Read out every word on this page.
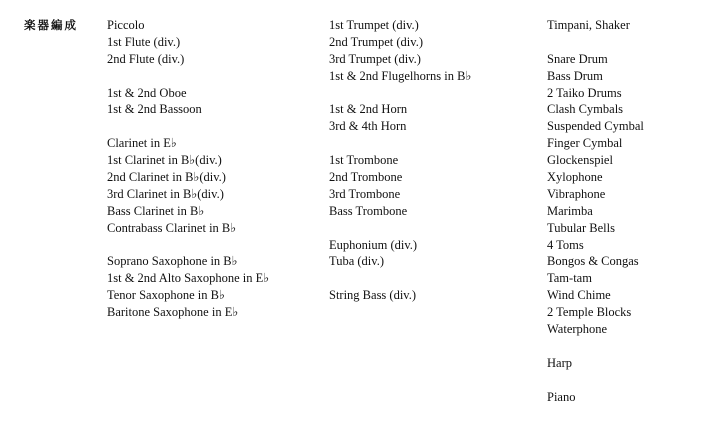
楽器編成 Piccolo
1st Flute (div.)
2nd Flute (div.)
1st & 2nd Oboe
1st & 2nd Bassoon
Clarinet in E♭
1st Clarinet in B♭(div.)
2nd Clarinet in B♭(div.)
3rd Clarinet in B♭(div.)
Bass Clarinet in B♭
Contrabass Clarinet in B♭
Soprano Saxophone in B♭
1st & 2nd Alto Saxophone in E♭
Tenor Saxophone in B♭
Baritone Saxophone in E♭
1st Trumpet (div.)
2nd Trumpet (div.)
3rd Trumpet (div.)
1st & 2nd Flugelhorns in B♭
1st & 2nd Horn
3rd & 4th Horn
1st Trombone
2nd Trombone
3rd Trombone
Bass Trombone
Euphonium (div.)
Tuba (div.)
String Bass (div.)
Timpani, Shaker
Snare Drum
Bass Drum
2 Taiko Drums
Clash Cymbals
Suspended Cymbal
Finger Cymbal
Glockenspiel
Xylophone
Vibraphone
Marimba
Tubular Bells
4 Toms
Bongos & Congas
Tam-tam
Wind Chime
2 Temple Blocks
Waterphone
Harp
Piano
